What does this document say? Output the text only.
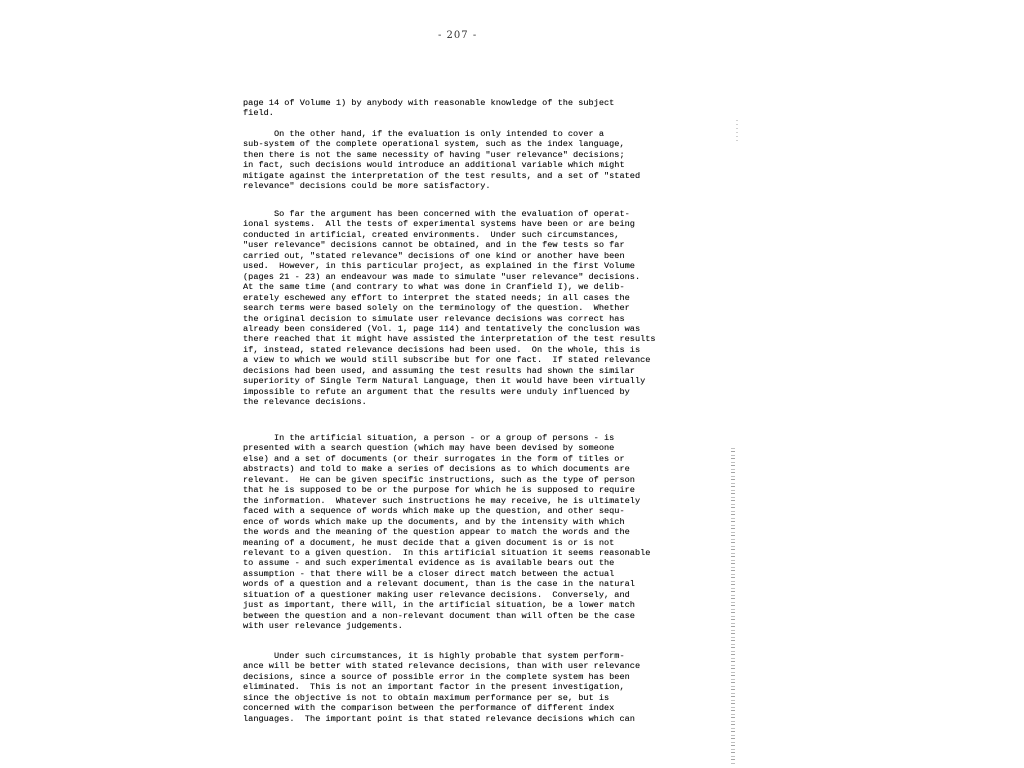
- 207 -
page 14 of Volume 1) by anybody with reasonable knowledge of the subject
field.
On the other hand, if the evaluation is only intended to cover a
sub-system of the complete operational system, such as the index language,
then there is not the same necessity of having "user relevance" decisions;
in fact, such decisions would introduce an additional variable which might
mitigate against the interpretation of the test results, and a set of "stated
relevance" decisions could be more satisfactory.
So far the argument has been concerned with the evaluation of operat-
ional systems.  All the tests of experimental systems have been or are being
conducted in artificial, created environments.  Under such circumstances,
"user relevance" decisions cannot be obtained, and in the few tests so far
carried out, "stated relevance" decisions of one kind or another have been
used.  However, in this particular project, as explained in the first Volume
(pages 21 - 23) an endeavour was made to simulate "user relevance" decisions.
At the same time (and contrary to what was done in Cranfield I), we delib-
erately eschewed any effort to interpret the stated needs; in all cases the
search terms were based solely on the terminology of the question.  Whether
the original decision to simulate user relevance decisions was correct has
already been considered (Vol. 1, page 114) and tentatively the conclusion was
there reached that it might have assisted the interpretation of the test results
if, instead, stated relevance decisions had been used.  On the whole, this is
a view to which we would still subscribe but for one fact.  If stated relevance
decisions had been used, and assuming the test results had shown the similar
superiority of Single Term Natural Language, then it would have been virtually
impossible to refute an argument that the results were unduly influenced by
the relevance decisions.
In the artificial situation, a person - or a group of persons - is
presented with a search question (which may have been devised by someone
else) and a set of documents (or their surrogates in the form of titles or
abstracts) and told to make a series of decisions as to which documents are
relevant.  He can be given specific instructions, such as the type of person
that he is supposed to be or the purpose for which he is supposed to require
the information.  Whatever such instructions he may receive, he is ultimately
faced with a sequence of words which make up the question, and other sequ-
ence of words which make up the documents, and by the intensity with which
the words and the meaning of the question appear to match the words and the
meaning of a document, he must decide that a given document is or is not
relevant to a given question.  In this artificial situation it seems reasonable
to assume - and such experimental evidence as is available bears out the
assumption - that there will be a closer direct match between the actual
words of a question and a relevant document, than is the case in the natural
situation of a questioner making user relevance decisions.  Conversely, and
just as important, there will, in the artificial situation, be a lower match
between the question and a non-relevant document than will often be the case
with user relevance judgements.
Under such circumstances, it is highly probable that system perform-
ance will be better with stated relevance decisions, than with user relevance
decisions, since a source of possible error in the complete system has been
eliminated.  This is not an important factor in the present investigation,
since the objective is not to obtain maximum performance per se, but is
concerned with the comparison between the performance of different index
languages.  The important point is that stated relevance decisions which can
